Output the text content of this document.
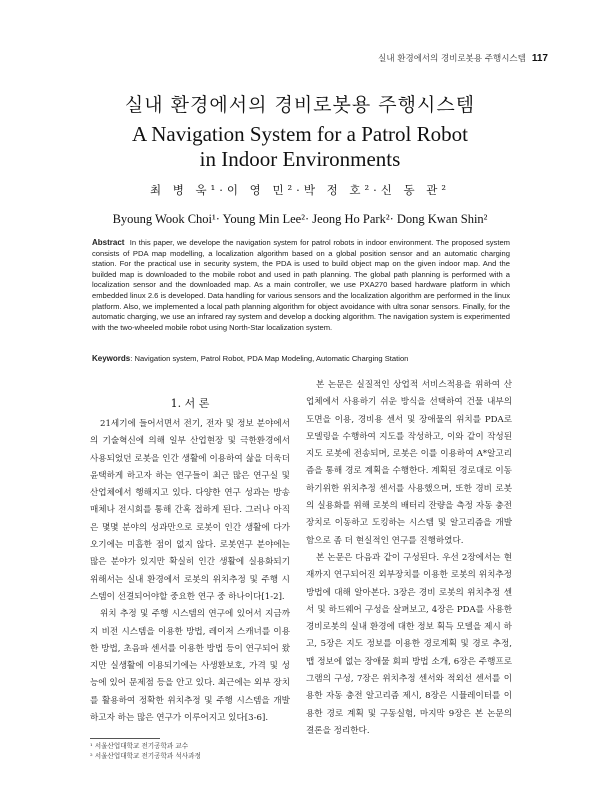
실내 환경에서의 경비로봇용 주행시스템 117
실내 환경에서의 경비로봇용 주행시스템
A Navigation System for a Patrol Robot
in Indoor Environments
최 병 욱¹·이 영 민²·박 정 호²·신 동 관²
Byoung Wook Choi¹· Young Min Lee²· Jeong Ho Park²· Dong Kwan Shin²
Abstract In this paper, we develope the navigation system for patrol robots in indoor environment. The proposed system consists of PDA map modelling, a localization algorithm based on a global position sensor and an automatic charging station. For the practical use in security system, the PDA is used to build object map on the given indoor map. And the builded map is downloaded to the mobile robot and used in path planning. The global path planning is performed with a localization sensor and the downloaded map. As a main controller, we use PXA270 based hardware platform in which embedded linux 2.6 is developed. Data handling for various sensors and the localization algorithm are performed in the linux platform. Also, we implemented a local path planning algorithm for object avoidance with ultra sonar sensors. Finally, for the automatic charging, we use an infrared ray system and develop a docking algorithm. The navigation system is experimented with the two-wheeled mobile robot using North-Star localization system.
Keywords: Navigation system, Patrol Robot, PDA Map Modeling, Automatic Charging Station
1. 서 론

21세기에 들어서면서 전기, 전자 및 정보 분야에서의 기술혁신에 의해 일부 산업현장 및 극한환경에서 사용되었던 로봇을 인간 생활에 이용하여 삶을 더욱더 윤택하게 하고자 하는 연구들이 최근 많은 연구실 및 산업체에서 행해지고 있다. 다양한 연구 성과는 방송매체나 전시회를 통해 간혹 접하게 된다. 그러나 아직은 몇몇 분야의 성과만으로 로봇이 인간 생활에 다가오기에는 미흡한 점이 없지 않다. 로봇연구 분야에는 많은 분야가 있지만 확실히 인간 생활에 실용화되기 위해서는 실내 환경에서 로봇의 위치추정 및 주행 시스템이 선결되어야할 중요한 연구 중 하나이다[1-2].

위치 추정 및 주행 시스템의 연구에 있어서 지금까지 비전 시스템을 이용한 방법, 레이저 스캐너를 이용한 방법, 초음파 센서를 이용한 방법 등이 연구되어 왔지만 실생활에 이용되기에는 사생환보호, 가격 및 성능에 있어 문제점 등을 안고 있다. 최근에는 외부 장치를 활용하여 정확한 위치추정 및 주행 시스템을 개발 하고자 하는 많은 연구가 이루어지고 있다[3-6].

본 논문은 실질적인 상업적 서비스적용을 위하여 산업체에서 사용하기 쉬운 방식을 선택하여 건물 내부의 도면을 이용, 경비용 센서 및 장애물의 위치를 PDA로 모델링을 수행하여 지도를 작성하고, 이와 같이 작성된 지도 로봇에 전송되며, 로봇은 이를 이용하여 A*알고리즘을 통해 경로 계획을 수행한다. 계획된 경로대로 이동하기위한 위치추정 센서를 사용했으며, 또한 경비 로봇의 실용화를 위해 로봇의 배터리 잔량을 측정 자동 충전장치로 이동하고 도킹하는 시스템 및 알고리즘을 개발함으로 좀 더 현실적인 연구를 진행하였다.

본 논문은 다음과 같이 구성된다. 우선 2장에서는 현재까지 연구되어진 외부장치를 이용한 로봇의 위치추정 방법에 대해 알아본다. 3장은 경비 로봇의 위치추정 센서 및 하드웨어 구성을 살펴보고, 4장은 PDA를 사용한 경비로봇의 실내 환경에 대한 정보 획득 모델을 제시 하고, 5장은 지도 정보를 이용한 경로계획 및 경로 추정, 맵 정보에 없는 장애물 회피 방법 소개, 6장은 주행프로그램의 구성, 7장은 위치추정 센서와 적외선 센서를 이용한 자동 충전 알고리즘 제시, 8장은 시뮬레이터를 이용한 경로 계획 및 구동실험, 마지막 9장은 본 논문의 결론을 정리한다.

¹ 서울산업대학교 전기공학과 교수
² 서울산업대학교 전기공학과 석사과정
